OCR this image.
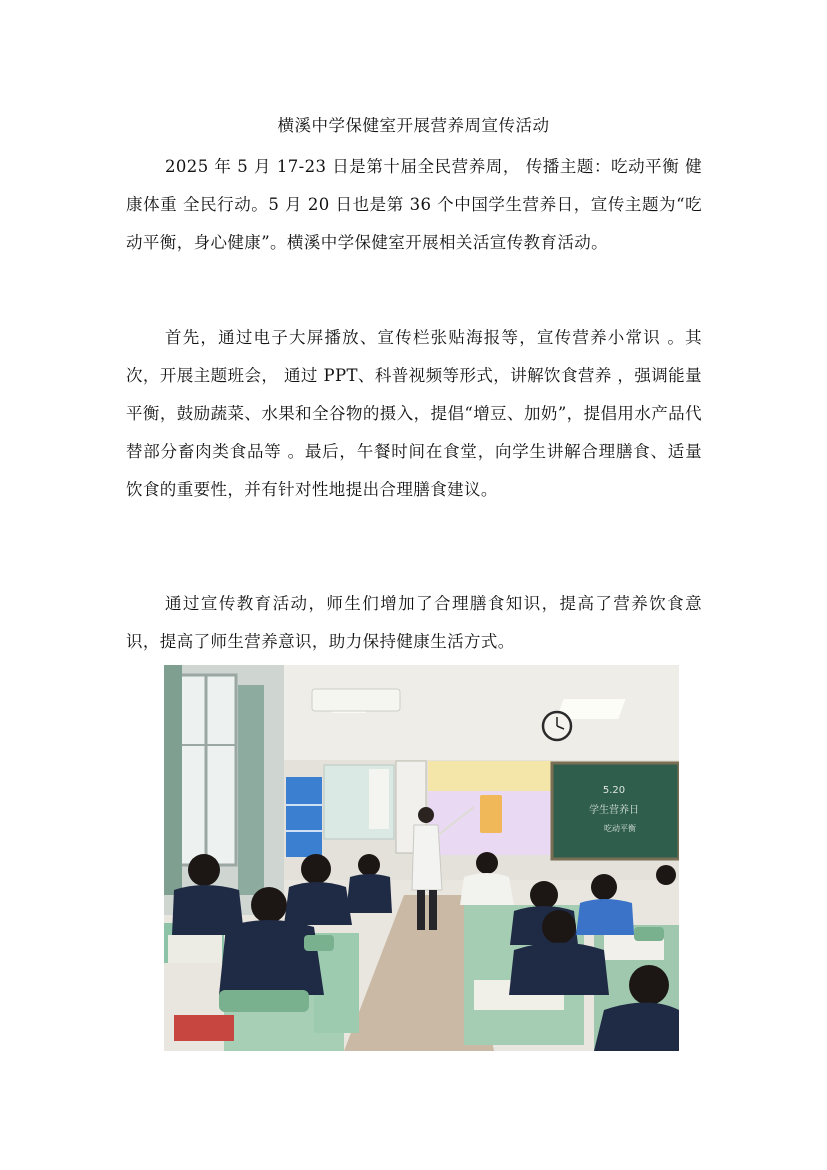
横溪中学保健室开展营养周宣传活动

2025 年 5 月 17-23 日是第十届全民营养周， 传播主题：吃动平衡 健康体重 全民行动。5 月 20 日也是第 36 个中国学生营养日，宣传主题为“吃动平衡，身心健康”。横溪中学保健室开展相关活宣传教育活动。

首先，通过电子大屏播放、宣传栏张贴海报等，宣传营养小常识 。其次，开展主题班会， 通过 PPT、科普视频等形式，讲解饮食营养 ，强调能量平衡，鼓励蔬菜、水果和全谷物的摄入，提倡“增豆、加奶”，提倡用水产品代替部分畜肉类食品等 。最后，午餐时间在食堂，向学生讲解合理膳食、适量饮食的重要性，并有针对性地提出合理膳食建议。

通过宣传教育活动，师生们增加了合理膳食知识，提高了营养饮食意识，提高了师生营养意识，助力保持健康生活方式。

5.20
学生营养日
吃动平衡
